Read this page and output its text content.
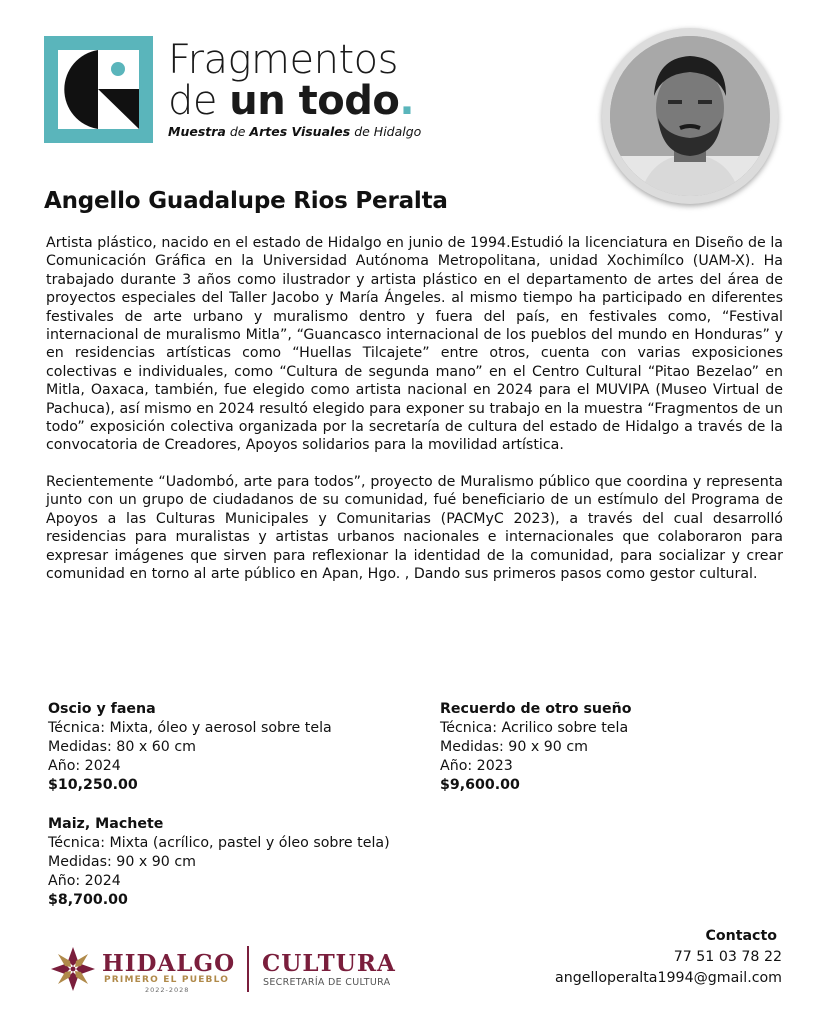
Fragmentos
de un todo.
Muestra de Artes Visuales de Hidalgo
Angello Guadalupe Rios Peralta

Artista plástico, nacido en el estado de Hidalgo en junio de 1994.Estudió la licenciatura en Diseño de la Comunicación Gráfica en la Universidad Autónoma Metropolitana, unidad Xochimílco (UAM-X). Ha trabajado durante 3 años como ilustrador y artista plástico en el departamento de artes del área de proyectos especiales del Taller Jacobo y María Ángeles. al mismo tiempo ha participado en diferentes festivales de arte urbano y muralismo dentro y fuera del país, en festivales como, “Festival internacional de muralismo Mitla”, “Guancasco internacional de los pueblos del mundo en Honduras” y en residencias artísticas como “Huellas Tilcajete” entre otros, cuenta con varias exposiciones colectivas e individuales, como “Cultura de segunda mano” en el Centro Cultural “Pitao Bezelao” en Mitla, Oaxaca, también, fue elegido como artista nacional en 2024 para el MUVIPA (Museo Virtual de Pachuca), así mismo en 2024 resultó elegido para exponer su trabajo en la muestra “Fragmentos de un todo” exposición colectiva organizada por la secretaría de cultura del estado de Hidalgo a través de la convocatoria de Creadores, Apoyos solidarios para la movilidad artística.

Recientemente “Uadombó, arte para todos”, proyecto de Muralismo público que coordina y representa junto con un grupo de ciudadanos de su comunidad, fué beneficiario de un estímulo del Programa de Apoyos a las Culturas Municipales y Comunitarias (PACMyC 2023), a través del cual desarrolló residencias para muralistas y artistas urbanos nacionales e internacionales que colaboraron para expresar imágenes que sirven para reflexionar la identidad de la comunidad, para socializar y crear comunidad en torno al arte público en Apan, Hgo. , Dando sus primeros pasos como gestor cultural.

Oscio y faena
Técnica: Mixta, óleo y aerosol sobre tela
Medidas: 80 x 60 cm
Año: 2024
$10,250.00
Recuerdo de otro sueño
Técnica: Acrilico sobre tela
Medidas: 90 x 90 cm
Año: 2023
$9,600.00
Maiz, Machete
Técnica: Mixta (acrílico, pastel y óleo sobre tela)
Medidas: 90 x 90 cm
Año: 2024
$8,700.00
Contacto
77 51 03 78 22
angelloperalta1994@gmail.com
HIDALGO
PRIMERO EL PUEBLO
2022-2028
CULTURA
SECRETARÍA DE CULTURA
